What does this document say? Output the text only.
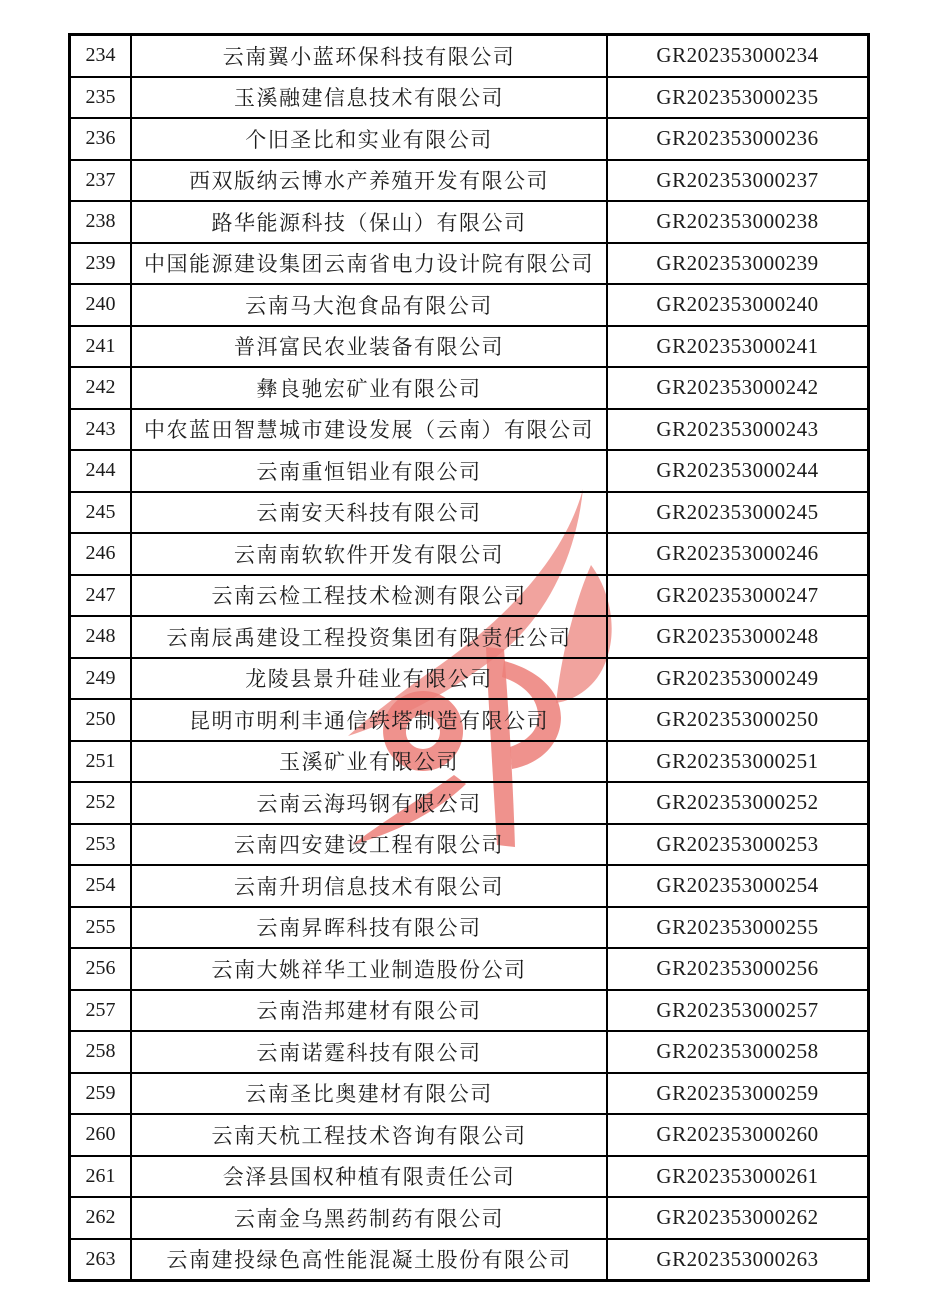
234	云南翼小蓝环保科技有限公司	GR202353000234
235	玉溪融建信息技术有限公司	GR202353000235
236	个旧圣比和实业有限公司	GR202353000236
237	西双版纳云博水产养殖开发有限公司	GR202353000237
238	路华能源科技（保山）有限公司	GR202353000238
239	中国能源建设集团云南省电力设计院有限公司	GR202353000239
240	云南马大泡食品有限公司	GR202353000240
241	普洱富民农业装备有限公司	GR202353000241
242	彝良驰宏矿业有限公司	GR202353000242
243	中农蓝田智慧城市建设发展（云南）有限公司	GR202353000243
244	云南重恒铝业有限公司	GR202353000244
245	云南安天科技有限公司	GR202353000245
246	云南南软软件开发有限公司	GR202353000246
247	云南云检工程技术检测有限公司	GR202353000247
248	云南辰禹建设工程投资集团有限责任公司	GR202353000248
249	龙陵县景升硅业有限公司	GR202353000249
250	昆明市明利丰通信铁塔制造有限公司	GR202353000250
251	玉溪矿业有限公司	GR202353000251
252	云南云海玛钢有限公司	GR202353000252
253	云南四安建设工程有限公司	GR202353000253
254	云南升玥信息技术有限公司	GR202353000254
255	云南昇晖科技有限公司	GR202353000255
256	云南大姚祥华工业制造股份公司	GR202353000256
257	云南浩邦建材有限公司	GR202353000257
258	云南诺霆科技有限公司	GR202353000258
259	云南圣比奥建材有限公司	GR202353000259
260	云南天杭工程技术咨询有限公司	GR202353000260
261	会泽县国权种植有限责任公司	GR202353000261
262	云南金乌黑药制药有限公司	GR202353000262
263	云南建投绿色高性能混凝土股份有限公司	GR202353000263
